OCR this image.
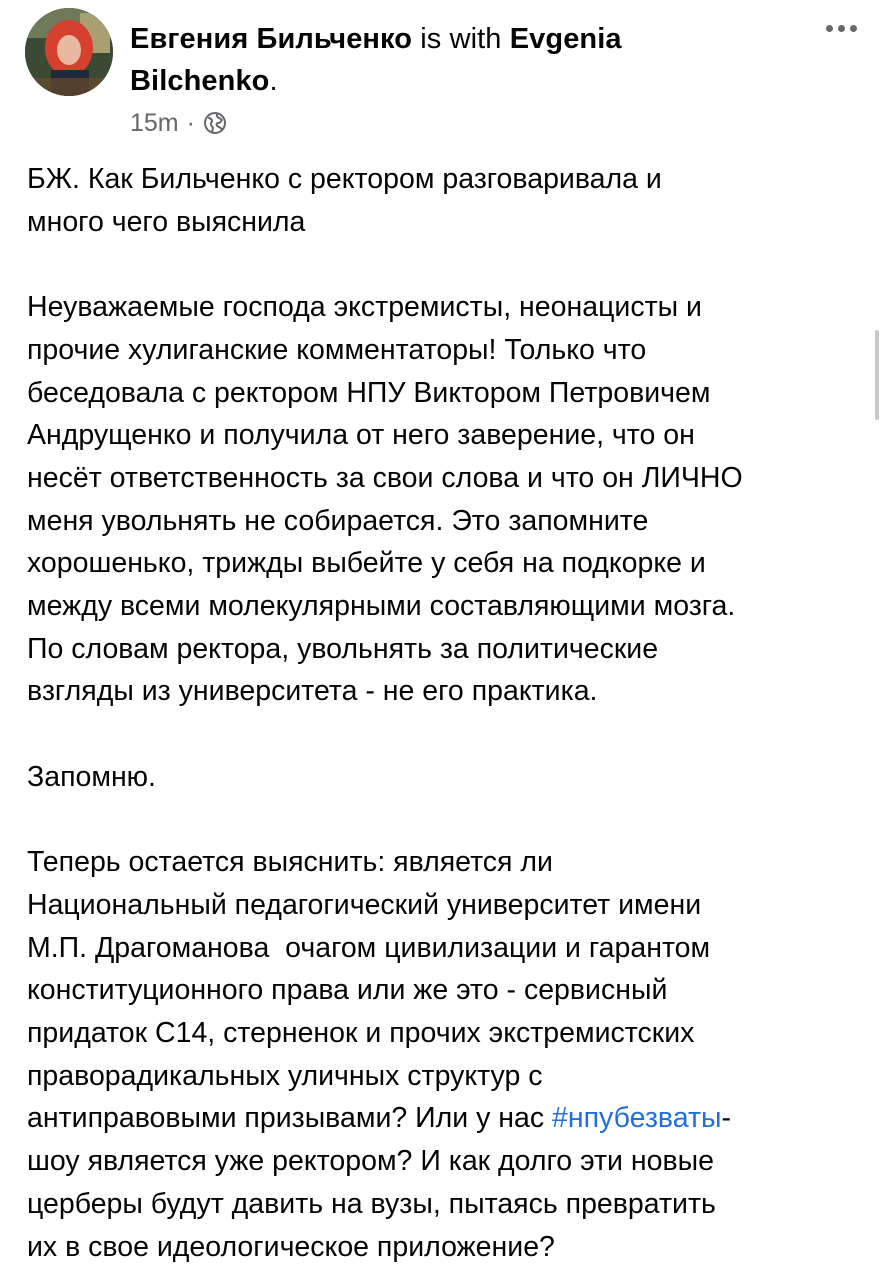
Евгения Бильченко is with Evgenia
Bilchenko.
15m ·
БЖ. Как Бильченко с ректором разговаривала и
много чего выяснила
Неуважаемые господа экстремисты, неонацисты и
прочие хулиганские комментаторы! Только что
беседовала с ректором НПУ Виктором Петровичем
Андрущенко и получила от него заверение, что он
несёт ответственность за свои слова и что он ЛИЧНО
меня увольнять не собирается. Это запомните
хорошенько, трижды выбейте у себя на подкорке и
между всеми молекулярными составляющими мозга.
По словам ректора, увольнять за политические
взгляды из университета - не его практика.
Запомню.
Теперь остается выяснить: является ли
Национальный педагогический университет имени
М.П. Драгоманова  очагом цивилизации и гарантом
конституционного права или же это - сервисный
придаток С14, стерненок и прочих экстремистских
праворадикальных уличных структур с
антиправовыми призывами? Или у нас #нпубезваты-
шоу является уже ректором? И как долго эти новые
церберы будут давить на вузы, пытаясь превратить
их в свое идеологическое приложение?
